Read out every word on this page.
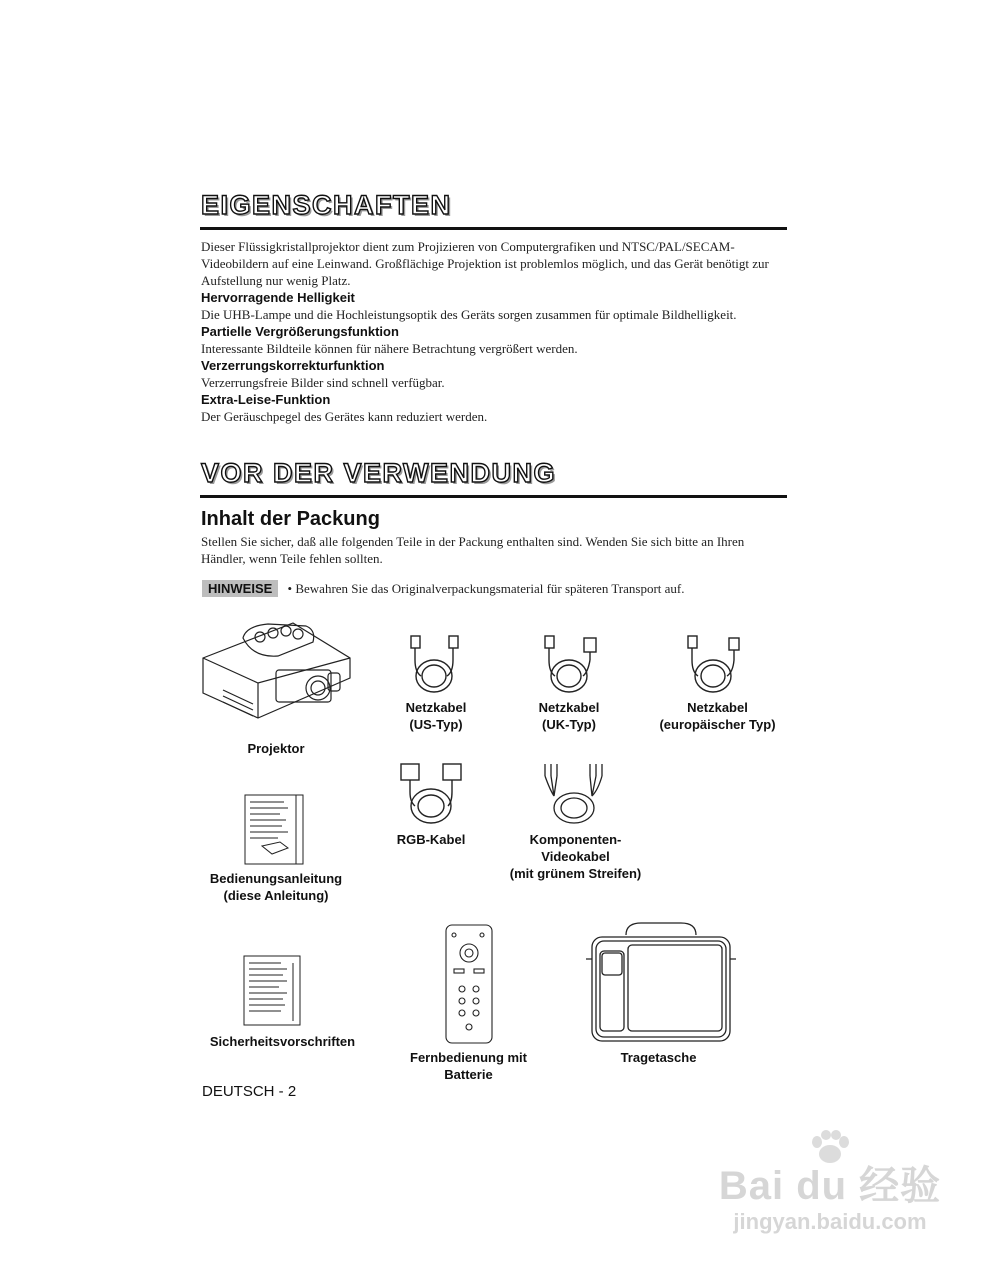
EIGENSCHAFTEN

Dieser Flüssigkristallprojektor dient zum Projizieren von Computergrafiken und NTSC/PAL/SECAM-Videobildern auf eine Leinwand. Großflächige Projektion ist problemlos möglich, und das Gerät benötigt zur Aufstellung nur wenig Platz.

Hervorragende Helligkeit

Die UHB-Lampe und die Hochleistungsoptik des Geräts sorgen zusammen für optimale Bildhelligkeit.

Partielle Vergrößerungsfunktion

Interessante Bildteile können für nähere Betrachtung vergrößert werden.

Verzerrungskorrekturfunktion

Verzerrungsfreie Bilder sind schnell verfügbar.

Extra-Leise-Funktion

Der Geräuschpegel des Gerätes kann reduziert werden.

VOR DER VERWENDUNG
Inhalt der Packung

Stellen Sie sicher, daß alle folgenden Teile in der Packung enthalten sind. Wenden Sie sich bitte an Ihren Händler, wenn Teile fehlen sollten.

HINWEISE • Bewahren Sie das Originalverpackungsmaterial für späteren Transport auf.
Projektor
Netzkabel
(US-Typ)
Netzkabel
(UK-Typ)
Netzkabel
(europäischer Typ)
RGB-Kabel	Komponenten-
Videokabel
(mit grünem Streifen)
Bedienungsanleitung
(diese Anleitung)
Sicherheitsvorschriften
Fernbedienung mit
Batterie
Tragetasche
DEUTSCH - 2
Bai du 经验
jingyan.baidu.com
